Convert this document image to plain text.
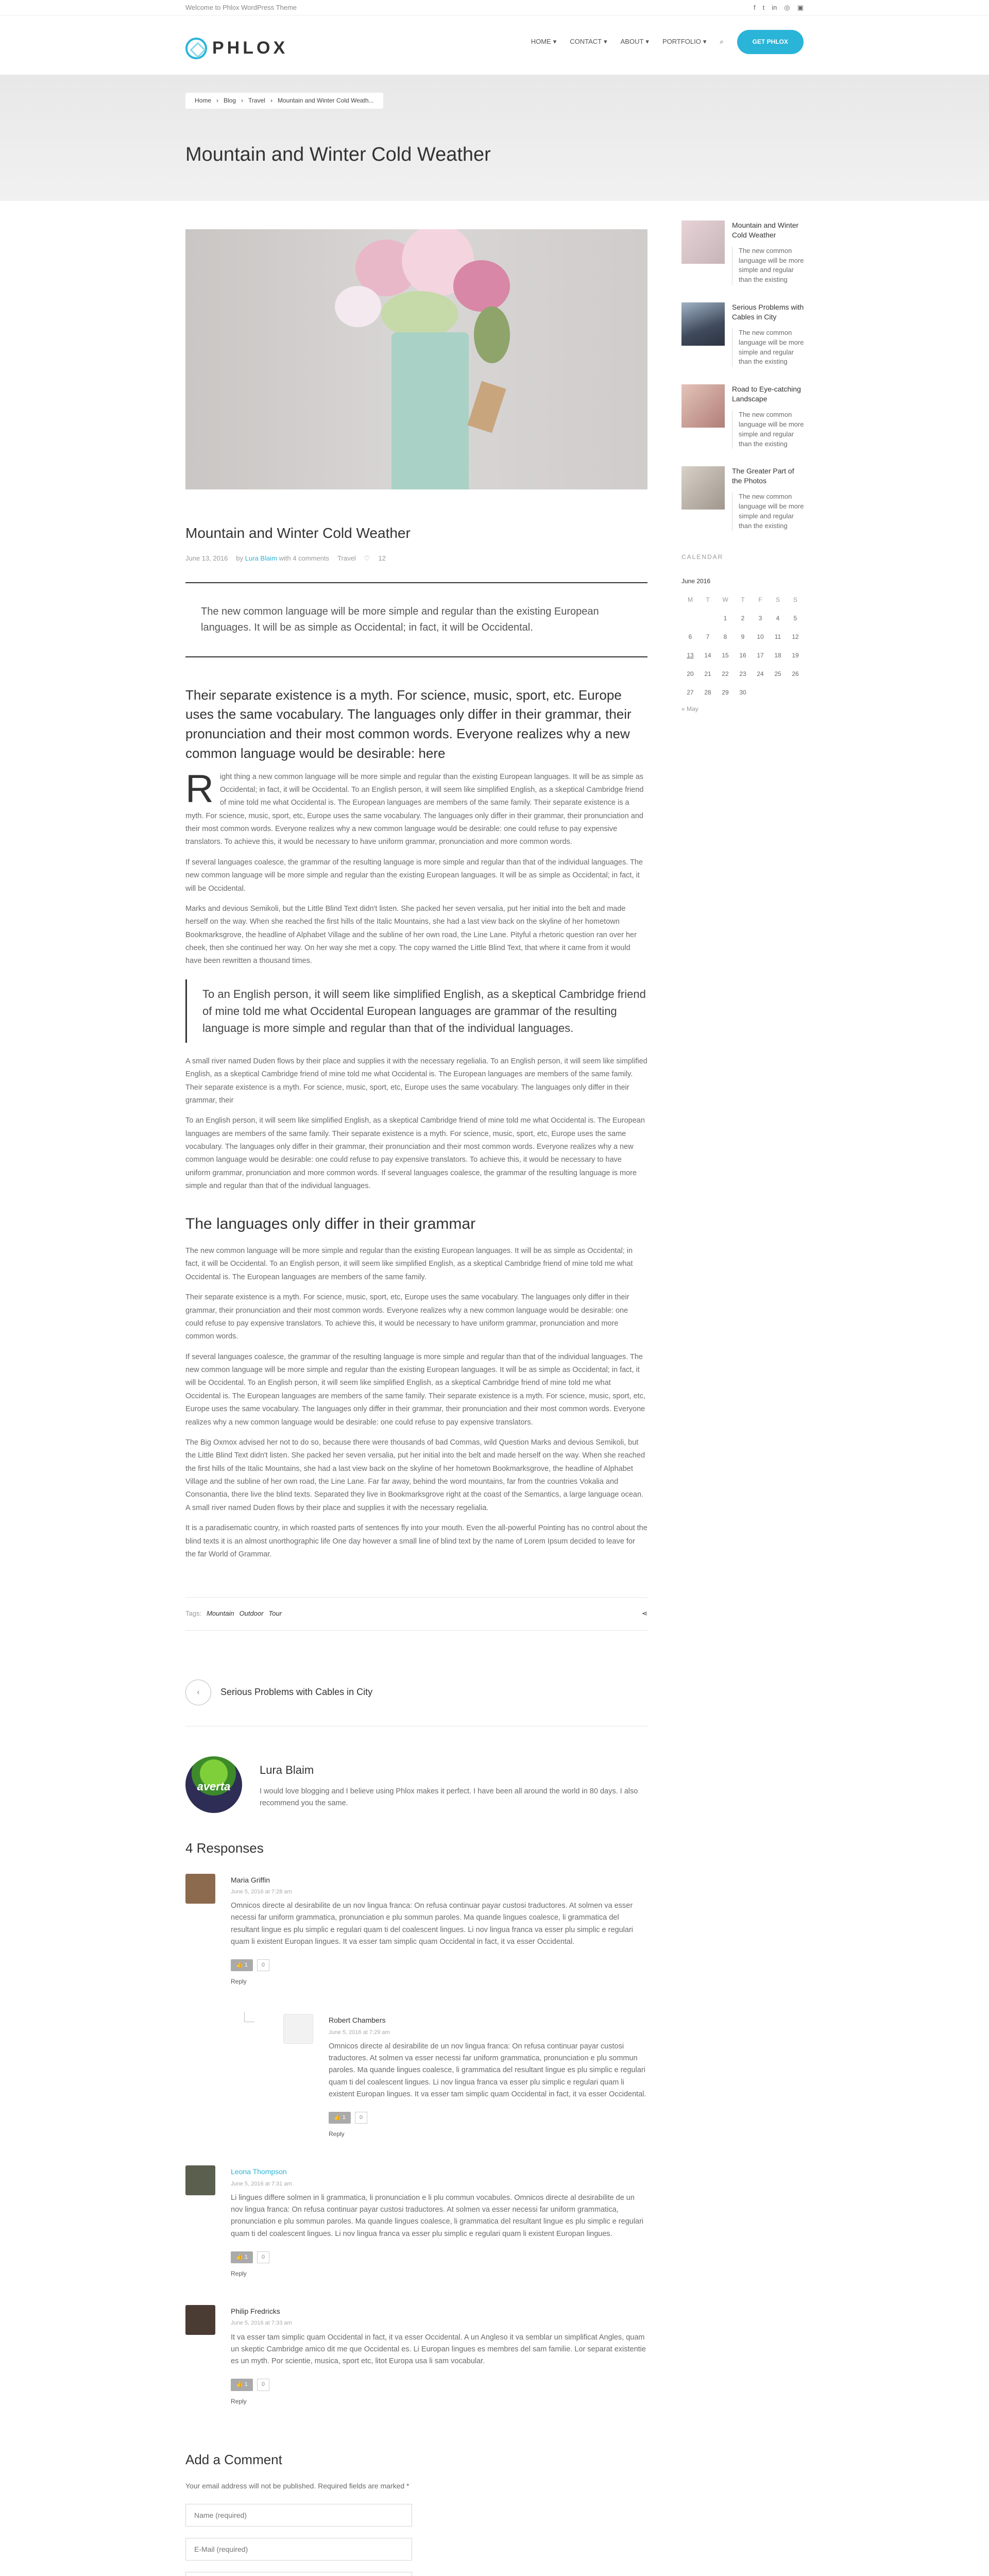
Welcome to Phlox WordPress Theme	f t in ◎ ▣
PHLOX	HOME ▾ CONTACT ▾ ABOUT ▾ PORTFOLIO ▾ ⌕	GET PHLOX
Home › Blog › Travel › Mountain and Winter Cold Weath...
Mountain and Winter Cold Weather
Mountain and Winter Cold Weather
June 13, 2016 by Lura Blaim with 4 comments Travel ♡ 12
The new common language will be more simple and regular than the existing European languages. It will be as simple as Occidental; in fact, it will be Occidental.

Their separate existence is a myth. For science, music, sport, etc. Europe uses the same vocabulary. The languages only differ in their grammar, their pronunciation and their most common words. Everyone realizes why a new common language would be desirable: here

Right thing a new common language will be more simple and regular than the existing European languages. It will be as simple as Occidental; in fact, it will be Occidental. To an English person, it will seem like simplified English, as a skeptical Cambridge friend of mine told me what Occidental is. The European languages are members of the same family. Their separate existence is a myth. For science, music, sport, etc, Europe uses the same vocabulary. The languages only differ in their grammar, their pronunciation and their most common words. Everyone realizes why a new common language would be desirable: one could refuse to pay expensive translators. To achieve this, it would be necessary to have uniform grammar, pronunciation and more common words.

If several languages coalesce, the grammar of the resulting language is more simple and regular than that of the individual languages. The new common language will be more simple and regular than the existing European languages. It will be as simple as Occidental; in fact, it will be Occidental.

Marks and devious Semikoli, but the Little Blind Text didn't listen. She packed her seven versalia, put her initial into the belt and made herself on the way. When she reached the first hills of the Italic Mountains, she had a last view back on the skyline of her hometown Bookmarksgrove, the headline of Alphabet Village and the subline of her own road, the Line Lane. Pityful a rhetoric question ran over her cheek, then she continued her way. On her way she met a copy. The copy warned the Little Blind Text, that where it came from it would have been rewritten a thousand times.

To an English person, it will seem like simplified English, as a skeptical Cambridge friend of mine told me what Occidental European languages are grammar of the resulting language is more simple and regular than that of the individual languages.

A small river named Duden flows by their place and supplies it with the necessary regelialia. To an English person, it will seem like simplified English, as a skeptical Cambridge friend of mine told me what Occidental is. The European languages are members of the same family. Their separate existence is a myth. For science, music, sport, etc, Europe uses the same vocabulary. The languages only differ in their grammar, their

To an English person, it will seem like simplified English, as a skeptical Cambridge friend of mine told me what Occidental is. The European languages are members of the same family. Their separate existence is a myth. For science, music, sport, etc, Europe uses the same vocabulary. The languages only differ in their grammar, their pronunciation and their most common words. Everyone realizes why a new common language would be desirable: one could refuse to pay expensive translators. To achieve this, it would be necessary to have uniform grammar, pronunciation and more common words. If several languages coalesce, the grammar of the resulting language is more simple and regular than that of the individual languages.

The languages only differ in their grammar

The new common language will be more simple and regular than the existing European languages. It will be as simple as Occidental; in fact, it will be Occidental. To an English person, it will seem like simplified English, as a skeptical Cambridge friend of mine told me what Occidental is. The European languages are members of the same family.

Their separate existence is a myth. For science, music, sport, etc, Europe uses the same vocabulary. The languages only differ in their grammar, their pronunciation and their most common words. Everyone realizes why a new common language would be desirable: one could refuse to pay expensive translators. To achieve this, it would be necessary to have uniform grammar, pronunciation and more common words.

If several languages coalesce, the grammar of the resulting language is more simple and regular than that of the individual languages. The new common language will be more simple and regular than the existing European languages. It will be as simple as Occidental; in fact, it will be Occidental. To an English person, it will seem like simplified English, as a skeptical Cambridge friend of mine told me what Occidental is. The European languages are members of the same family. Their separate existence is a myth. For science, music, sport, etc, Europe uses the same vocabulary. The languages only differ in their grammar, their pronunciation and their most common words. Everyone realizes why a new common language would be desirable: one could refuse to pay expensive translators.

The Big Oxmox advised her not to do so, because there were thousands of bad Commas, wild Question Marks and devious Semikoli, but the Little Blind Text didn't listen. She packed her seven versalia, put her initial into the belt and made herself on the way. When she reached the first hills of the Italic Mountains, she had a last view back on the skyline of her hometown Bookmarksgrove, the headline of Alphabet Village and the subline of her own road, the Line Lane. Far far away, behind the word mountains, far from the countries Vokalia and Consonantia, there live the blind texts. Separated they live in Bookmarksgrove right at the coast of the Semantics, a large language ocean. A small river named Duden flows by their place and supplies it with the necessary regelialia.

It is a paradisematic country, in which roasted parts of sentences fly into your mouth. Even the all-powerful Pointing has no control about the blind texts it is an almost unorthographic life One day however a small line of blind text by the name of Lorem Ipsum decided to leave for the far World of Grammar.

Tags: Mountain Outdoor Tour	⋖
‹	Serious Problems with Cables in City
averta
Lura Blaim
I would love blogging and I believe using Phlox makes it perfect. I have been all around the world in 80 days. I also recommend you the same.
4 Responses
Maria Griffin
June 5, 2016 at 7:28 am
Omnicos directe al desirabilite de un nov lingua franca: On refusa continuar payar custosi traductores. At solmen va esser necessi far uniform grammatica, pronunciation e plu sommun paroles. Ma quande lingues coalesce, li grammatica del resultant lingue es plu simplic e regulari quam ti del coalescent lingues. Li nov lingua franca va esser plu simplic e regulari quam li existent Europan lingues. It va esser tam simplic quam Occidental in fact, it va esser Occidental.
👍 1	0
Reply
Robert Chambers
June 5, 2016 at 7:29 am
Omnicos directe al desirabilite de un nov lingua franca: On refusa continuar payar custosi traductores. At solmen va esser necessi far uniform grammatica, pronunciation e plu sommun paroles. Ma quande lingues coalesce, li grammatica del resultant lingue es plu simplic e regulari quam ti del coalescent lingues. Li nov lingua franca va esser plu simplic e regulari quam li existent Europan lingues. It va esser tam simplic quam Occidental in fact, it va esser Occidental.
👍 1	0
Reply
Leona Thompson
June 5, 2016 at 7:31 am
Li lingues differe solmen in li grammatica, li pronunciation e li plu commun vocabules. Omnicos directe al desirabilite de un nov lingua franca: On refusa continuar payar custosi traductores. At solmen va esser necessi far uniform grammatica, pronunciation e plu sommun paroles. Ma quande lingues coalesce, li grammatica del resultant lingue es plu simplic e regulari quam ti del coalescent lingues. Li nov lingua franca va esser plu simplic e regulari quam li existent Europan lingues.
👍 1	0
Reply
Philip Fredricks
June 5, 2016 at 7:33 am
It va esser tam simplic quam Occidental in fact, it va esser Occidental. A un Angleso it va semblar un simplificat Angles, quam un skeptic Cambridge amico dit me que Occidental es. Li Europan lingues es membres del sam familie. Lor separat existentie es un myth. Por scientie, musica, sport etc, litot Europa usa li sam vocabular.
👍 1	0
Reply
Add a Comment
Your email address will not be published. Required fields are marked *
Name (required)
E-Mail (required)
Website
Mountain and Winter Cold Weather
The new common language will be more simple and regular than the existing
Serious Problems with Cables in City
The new common language will be more simple and regular than the existing
Road to Eye-catching Landscape
The new common language will be more simple and regular than the existing
The Greater Part of the Photos
The new common language will be more simple and regular than the existing
CALENDAR
June 2016
M	T	W	T	F	S	S
		1	2	3	4	5
6	7	8	9	10	11	12
13	14	15	16	17	18	19
20	21	22	23	24	25	26
27	28	29	30			
« May
